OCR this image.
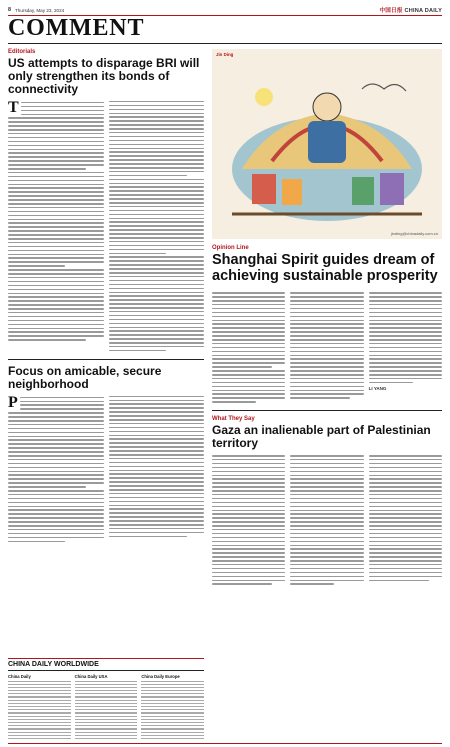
8 Thursday, May 23, 2024	中国日报 CHINA DAILY
COMMENT
Editorials
US attempts to disparage BRI will only strengthen its bonds of connectivity
T
Focus on amicable, secure neighborhood
P
CHINA DAILY WORLDWIDE
China Daily	China Daily USA	China Daily Europe
Jin Ding
jinding@chinadaily.com.cn
Opinion Line
Shanghai Spirit guides dream of achieving sustainable prosperity
LI YANG
What They Say
Gaza an inalienable part of Palestinian territory
